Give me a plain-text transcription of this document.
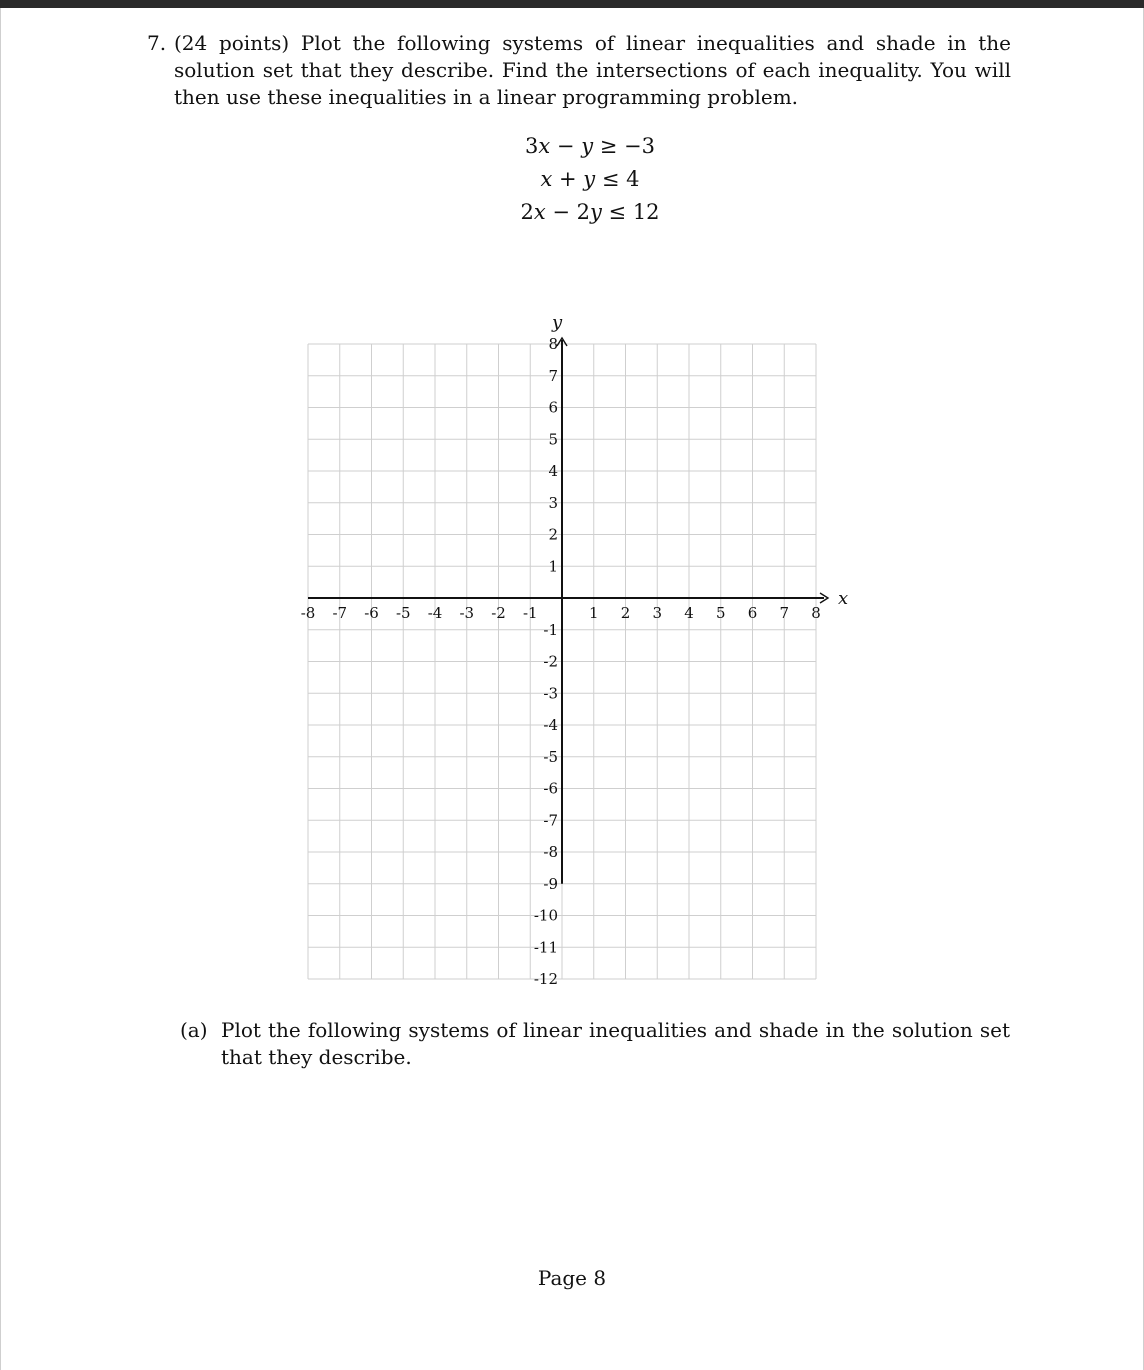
7. (24 points) Plot the following systems of linear inequalities and shade in the solution set that they describe. Find the intersections of each inequality. You will then use these inequalities in a linear programming problem.
3x − y ≥ −3
x + y ≤ 4
2x − 2y ≤ 12
-8 -7 -6 -5 -4 -3 -2 -1	1 2 3 4 5 6 7 8
8
7
6
5
4
3
2
1
-1
-2
-3
-4
-5
-6
-7
-8
-9
-10
-11
-12
x
y
(a) Plot the following systems of linear inequalities and shade in the solution set that they describe.
Page 8
